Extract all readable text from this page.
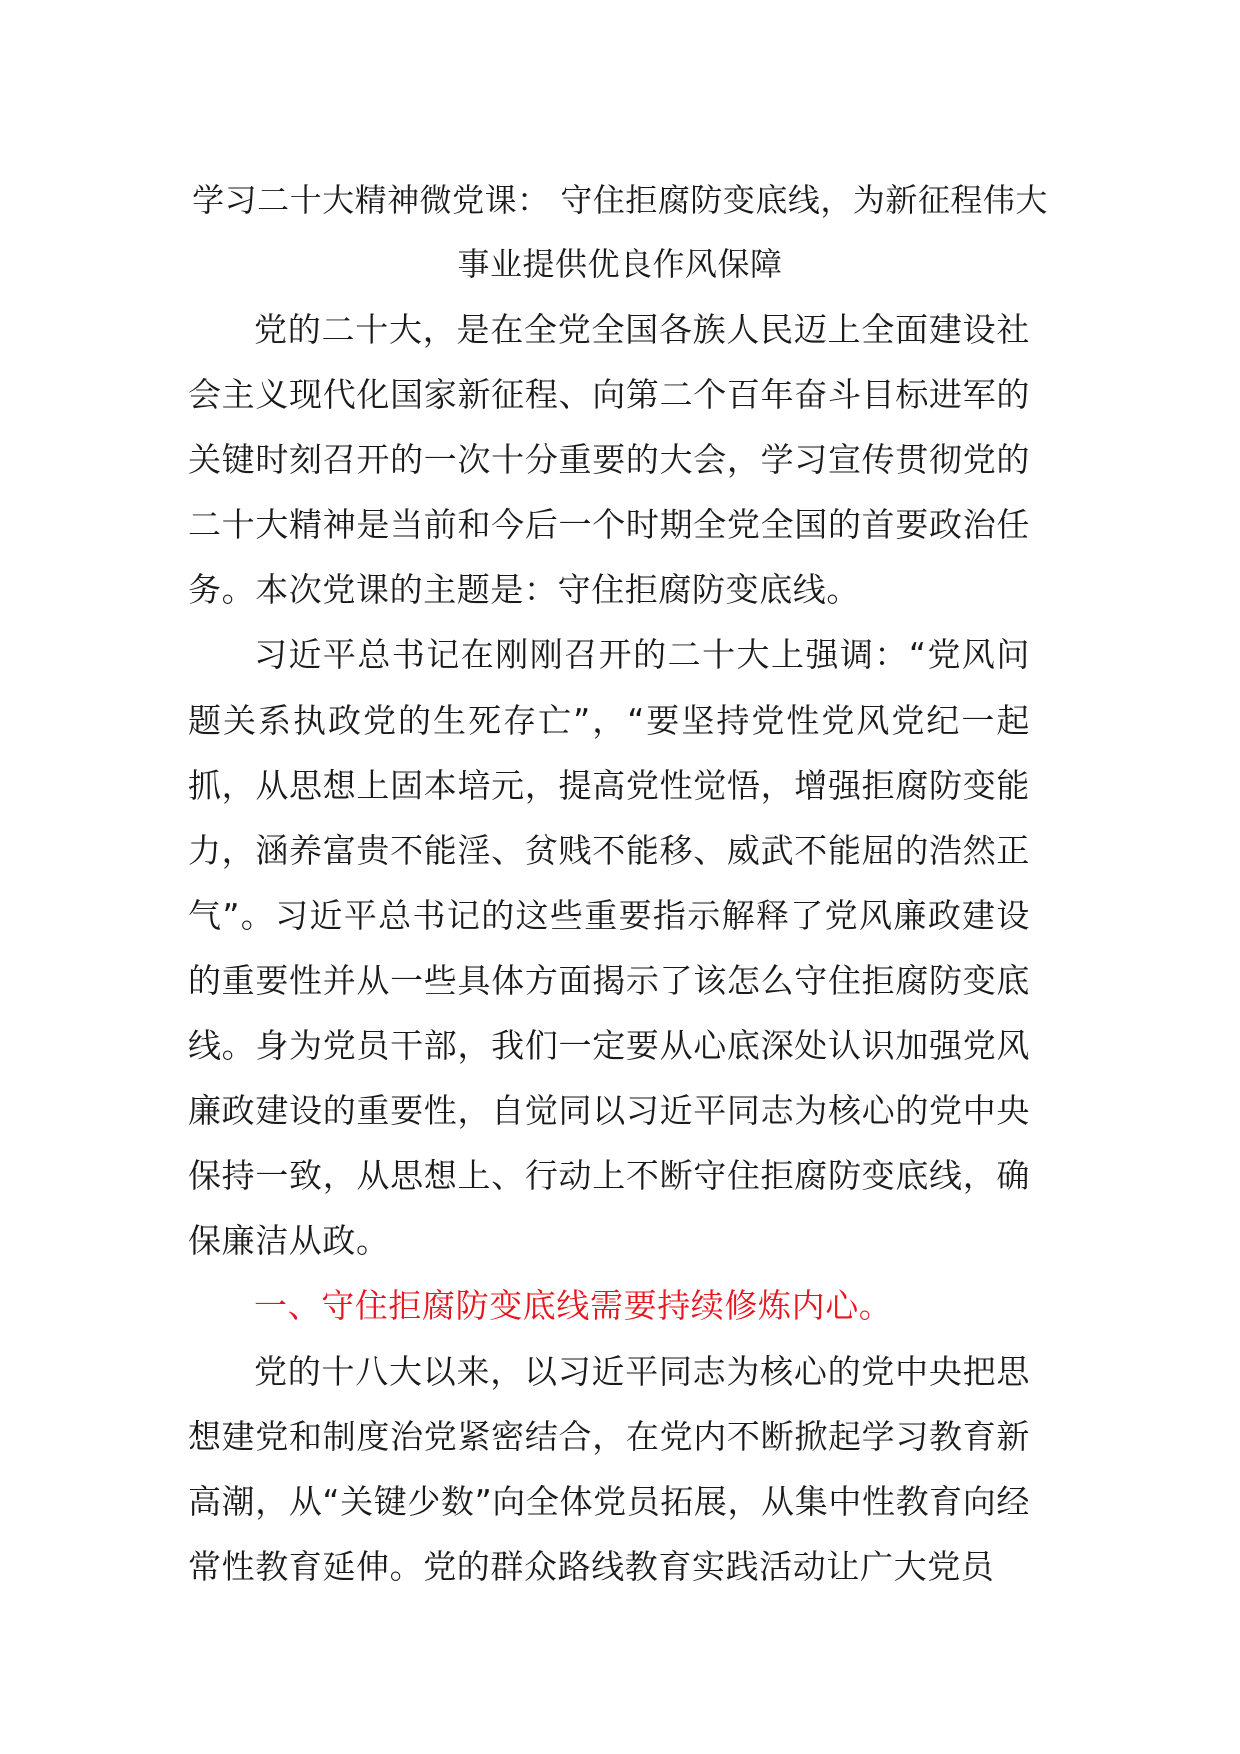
学习二十大精神微党课： 守住拒腐防变底线，为新征程伟大事业提供优良作风保障

党的二十大，是在全党全国各族人民迈上全面建设社会主义现代化国家新征程、向第二个百年奋斗目标进军的关键时刻召开的一次十分重要的大会，学习宣传贯彻党的二十大精神是当前和今后一个时期全党全国的首要政治任务。本次党课的主题是：守住拒腐防变底线。

习近平总书记在刚刚召开的二十大上强调：“党风问题关系执政党的生死存亡”，“要坚持党性党风党纪一起抓，从思想上固本培元，提高党性觉悟，增强拒腐防变能力，涵养富贵不能淫、贫贱不能移、威武不能屈的浩然正气”。习近平总书记的这些重要指示解释了党风廉政建设的重要性并从一些具体方面揭示了该怎么守住拒腐防变底线。身为党员干部，我们一定要从心底深处认识加强党风廉政建设的重要性，自觉同以习近平同志为核心的党中央保持一致，从思想上、行动上不断守住拒腐防变底线，确保廉洁从政。

一、守住拒腐防变底线需要持续修炼内心。

党的十八大以来，以习近平同志为核心的党中央把思想建党和制度治党紧密结合，在党内不断掀起学习教育新高潮，从“关键少数”向全体党员拓展，从集中性教育向经常性教育延伸。党的群众路线教育实践活动让广大党员
